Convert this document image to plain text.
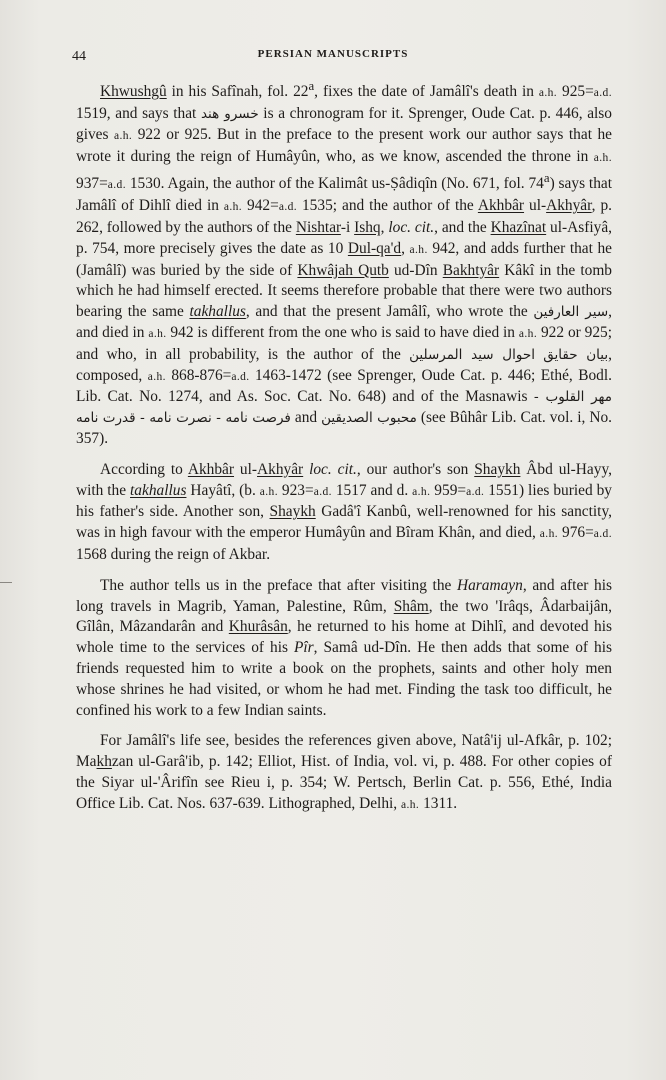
44	PERSIAN MANUSCRIPTS

Khwushgû in his Safînah, fol. 22$^a$, fixes the date of Jamâlî's death in a.h. 925=a.d. 1519, and says that خسرو هند is a chronogram for it. Sprenger, Oude Cat. p. 446, also gives a.h. 922 or 925. But in the preface to the present work our author says that he wrote it during the reign of Humâyûn, who, as we know, ascended the throne in a.h. 937=a.d. 1530. Again, the author of the Kalimât us-Ṣâdiqîn (No. 671, fol. 74$^a$) says that Jamâlî of Dihlî died in a.h. 942=a.d. 1535; and the author of the Akhbâr ul-Akhyâr, p. 262, followed by the authors of the Nishtar-i Ishq, loc. cit., and the Khazînat ul-Asfiyâ, p. 754, more precisely gives the date as 10 Dul-qa'd, a.h. 942, and adds further that he (Jamâlî) was buried by the side of Khwâjah Qutb ud-Dîn Bakhtyâr Kâkî in the tomb which he had himself erected. It seems therefore probable that there were two authors bearing the same takhallus, and that the present Jamâlî, who wrote the سير العارفين, and died in a.h. 942 is different from the one who is said to have died in a.h. 922 or 925; and who, in all probability, is the author of the احوال سيد المرسلين بيان حقايق, composed, a.h. 868-876=a.d. 1463-1472 (see Sprenger, Oude Cat. p. 446; Ethé, Bodl. Lib. Cat. No. 1274, and As. Soc. Cat. No. 648) and of the Masnawis مهر القلوب - فرصت نامه - نصرت نامه - قدرت نامه and محبوب الصديقين (see Bûhâr Lib. Cat. vol. i, No. 357).

According to Akhbâr ul-Akhyâr loc. cit., our author's son Shaykh Âbd ul-Hayy, with the takhallus Hayâtî, (b. a.h. 923=a.d. 1517 and d. a.h. 959=a.d. 1551) lies buried by his father's side. Another son, Shaykh Gadâ'î Kanbû, well-renowned for his sanctity, was in high favour with the emperor Humâyûn and Bîram Khân, and died, a.h. 976=a.d. 1568 during the reign of Akbar.

The author tells us in the preface that after visiting the Haramayn, and after his long travels in Magrib, Yaman, Palestine, Rûm, Shâm, the two 'Irâqs, Âdarbaijân, Gîlân, Mâzandarân and Khurâsân, he returned to his home at Dihlî, and devoted his whole time to the services of his Pîr, Samâ ud-Dîn. He then adds that some of his friends requested him to write a book on the prophets, saints and other holy men whose shrines he had visited, or whom he had met. Finding the task too difficult, he confined his work to a few Indian saints.

For Jamâlî's life see, besides the references given above, Natâ'ij ul-Afkâr, p. 102; Makhzan ul-Garâ'ib, p. 142; Elliot, Hist. of India, vol. vi, p. 488. For other copies of the Siyar ul-'Ârifîn see Rieu i, p. 354; W. Pertsch, Berlin Cat. p. 556, Ethé, India Office Lib. Cat. Nos. 637-639. Lithographed, Delhi, a.h. 1311.
